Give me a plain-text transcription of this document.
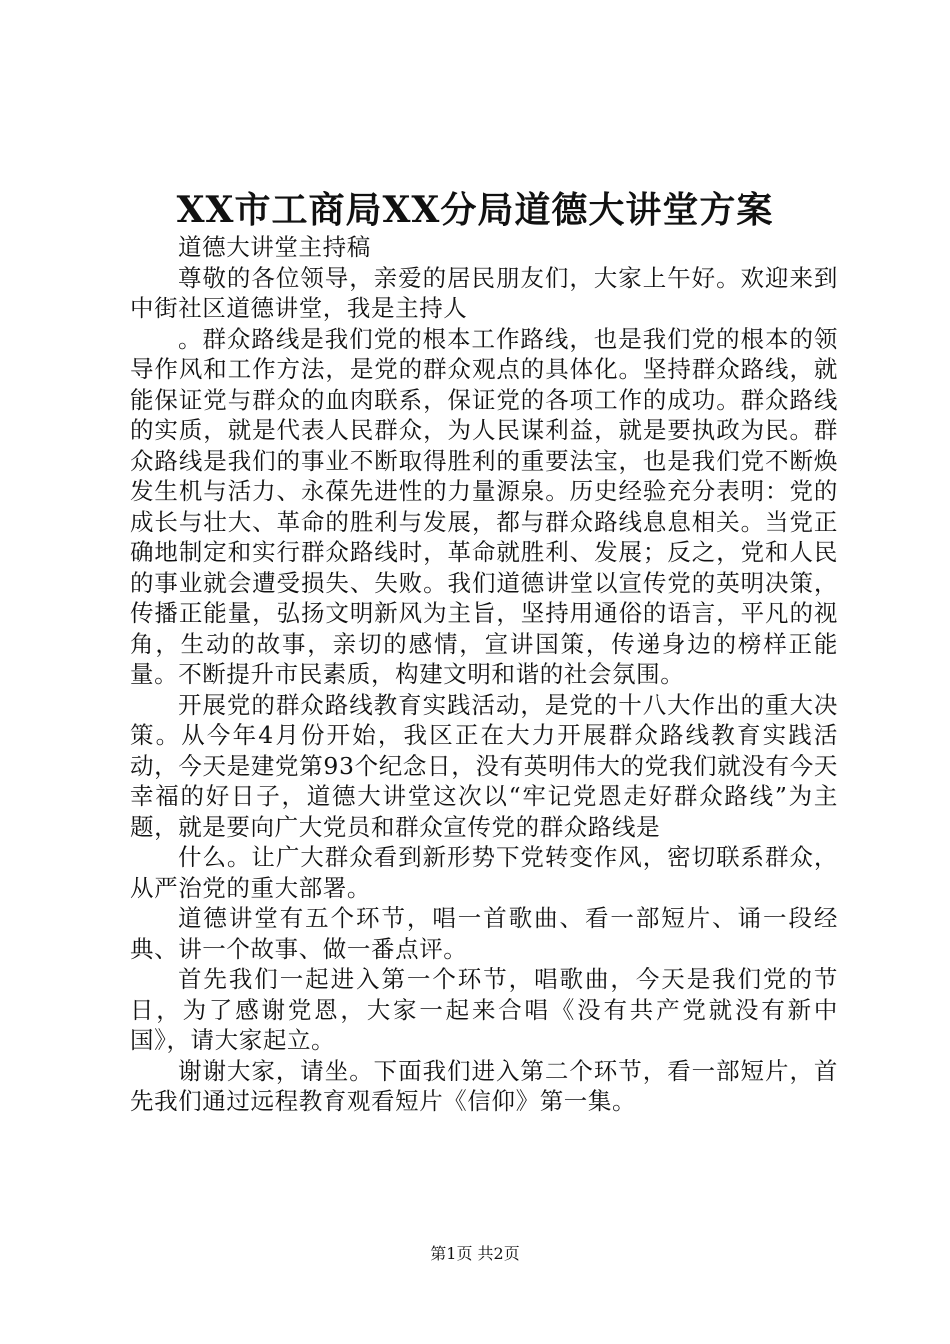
XX市工商局XX分局道德大讲堂方案

道德大讲堂主持稿

尊敬的各位领导，亲爱的居民朋友们，大家上午好。欢迎来到中街社区道德讲堂，我是主持人

。群众路线是我们党的根本工作路线，也是我们党的根本的领导作风和工作方法，是党的群众观点的具体化。坚持群众路线，就能保证党与群众的血肉联系，保证党的各项工作的成功。群众路线的实质，就是代表人民群众，为人民谋利益，就是要执政为民。群众路线是我们的事业不断取得胜利的重要法宝，也是我们党不断焕发生机与活力、永葆先进性的力量源泉。历史经验充分表明：党的成长与壮大、革命的胜利与发展，都与群众路线息息相关。当党正确地制定和实行群众路线时，革命就胜利、发展；反之，党和人民的事业就会遭受损失、失败。我们道德讲堂以宣传党的英明决策，传播正能量，弘扬文明新风为主旨，坚持用通俗的语言，平凡的视角，生动的故事，亲切的感情，宣讲国策，传递身边的榜样正能量。不断提升市民素质，构建文明和谐的社会氛围。

开展党的群众路线教育实践活动，是党的十八大作出的重大决策。从今年4月份开始，我区正在大力开展群众路线教育实践活动，今天是建党第93个纪念日，没有英明伟大的党我们就没有今天幸福的好日子，道德大讲堂这次以“牢记党恩走好群众路线”为主题，就是要向广大党员和群众宣传党的群众路线是

什么。让广大群众看到新形势下党转变作风，密切联系群众，从严治党的重大部署。

道德讲堂有五个环节，唱一首歌曲、看一部短片、诵一段经典、讲一个故事、做一番点评。

首先我们一起进入第一个环节，唱歌曲，今天是我们党的节日，为了感谢党恩，大家一起来合唱《没有共产党就没有新中国》，请大家起立。

谢谢大家，请坐。下面我们进入第二个环节，看一部短片，首先我们通过远程教育观看短片《信仰》第一集。

第1页 共2页
